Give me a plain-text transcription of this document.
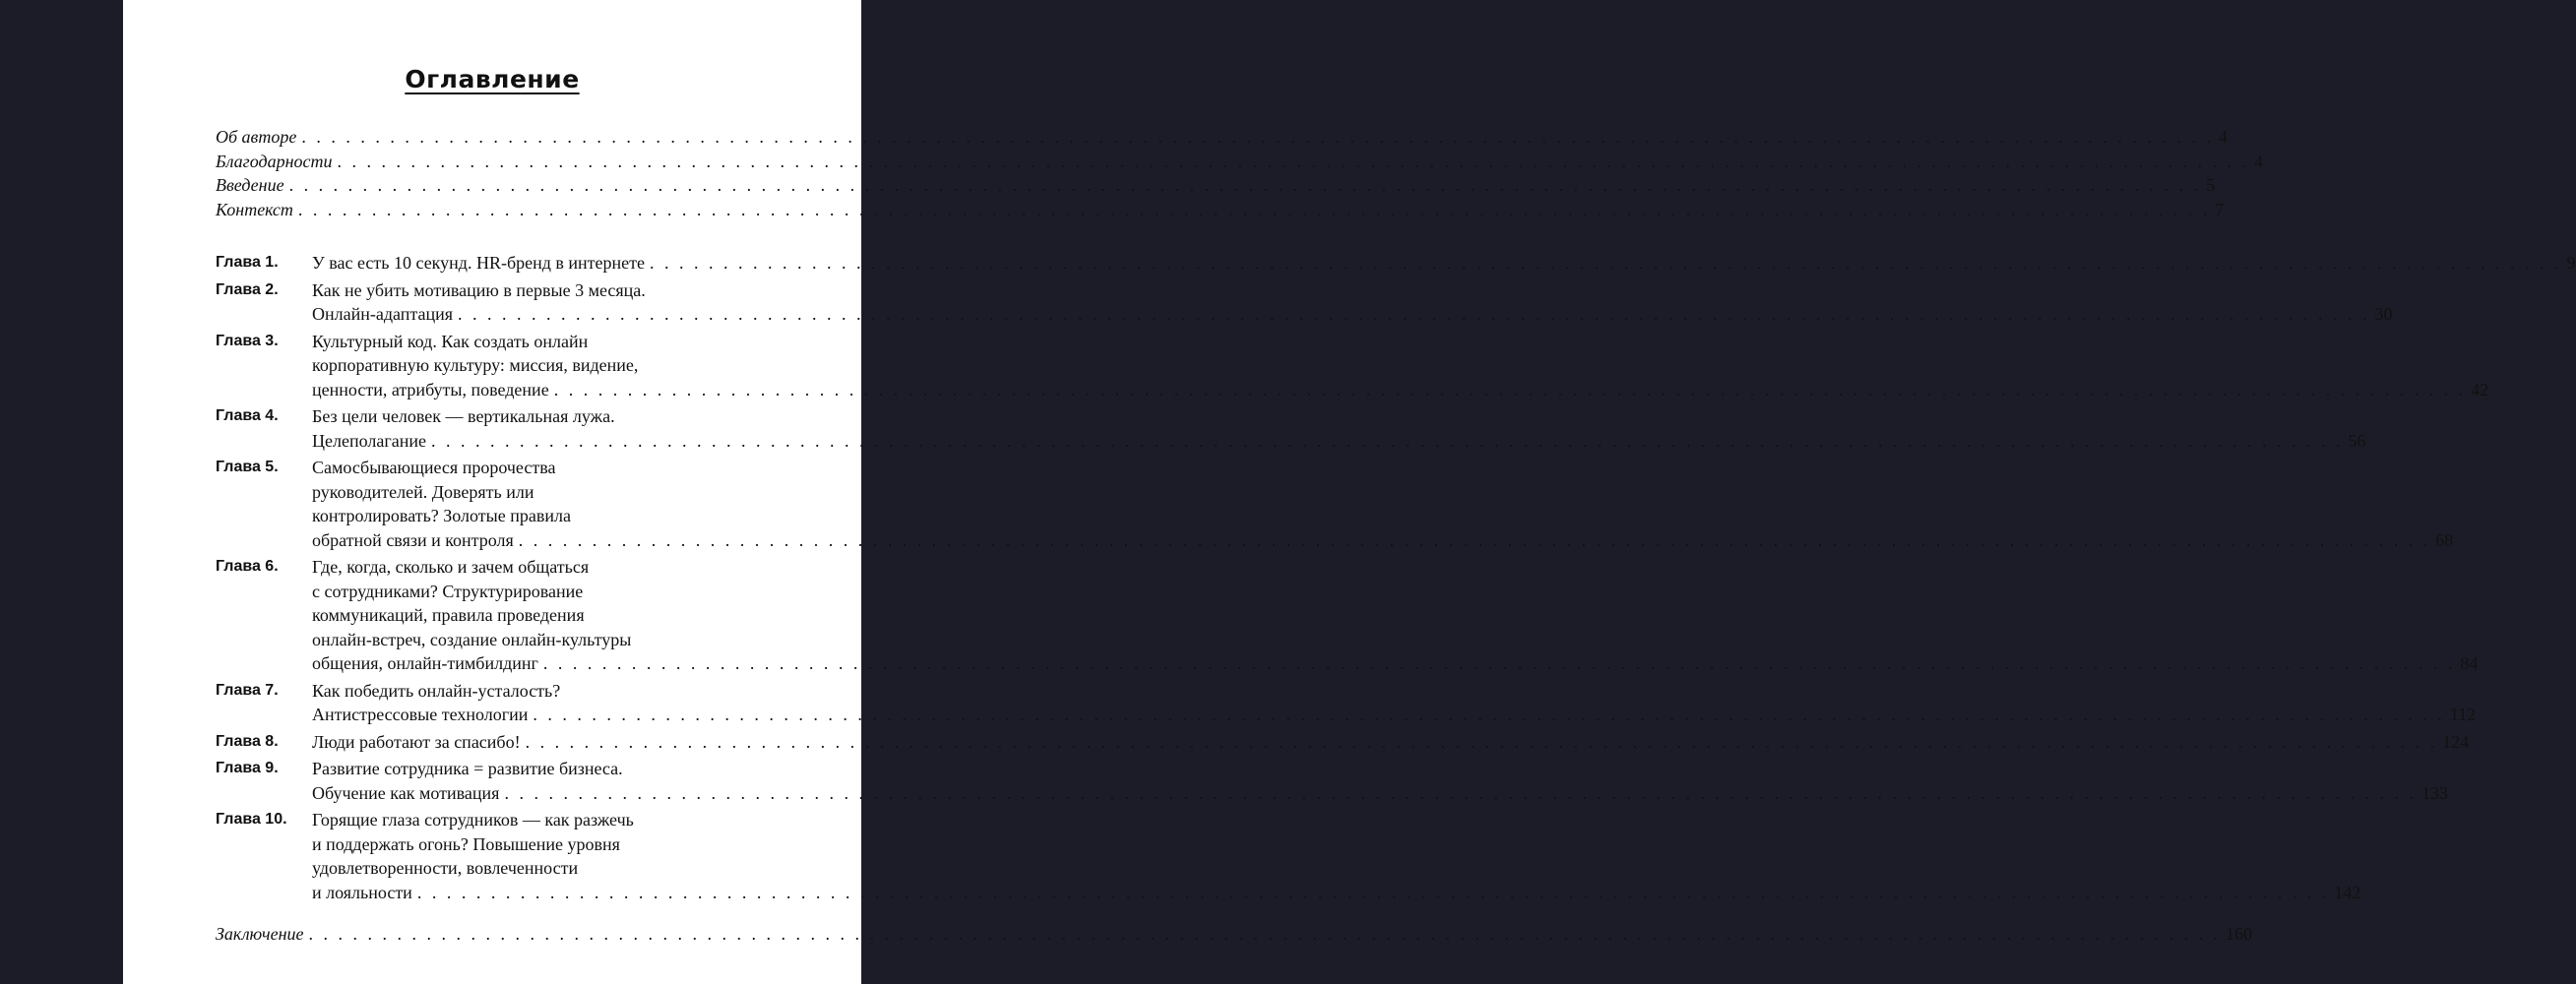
Оглавление
Об авторе . . .	4
Благодарности . . .	4
Введение . . .	5
Контекст . . .	7
Глава 1.	У вас есть 10 секунд. HR-бренд в интернете . . .	9
Глава 2.	Как не убить мотивацию в первые 3 месяца.
Онлайн-адаптация . . .	30
Глава 3.	Культурный код. Как создать онлайн
корпоративную культуру: миссия, видение,
ценности, атрибуты, поведение . . .	42
Глава 4.	Без цели человек — вертикальная лужа.
Целеполагание . . .	56
Глава 5.	Самосбывающиеся пророчества
руководителей. Доверять или
контролировать? Золотые правила
обратной связи и контроля . . .	68
Глава 6.	Где, когда, сколько и зачем общаться
с сотрудниками? Структурирование
коммуникаций, правила проведения
онлайн-встреч, создание онлайн-культуры
общения, онлайн-тимбилдинг . . .	84
Глава 7.	Как победить онлайн-усталость?
Антистрессовые технологии . . .	112
Глава 8.	Люди работают за спасибо! . . .	124
Глава 9.	Развитие сотрудника = развитие бизнеса.
Обучение как мотивация . . .	133
Глава 10.	Горящие глаза сотрудников — как разжечь
и поддержать огонь? Повышение уровня
удовлетворенности, вовлеченности
и лояльности . . .	142
Заключение . . .	160
3
